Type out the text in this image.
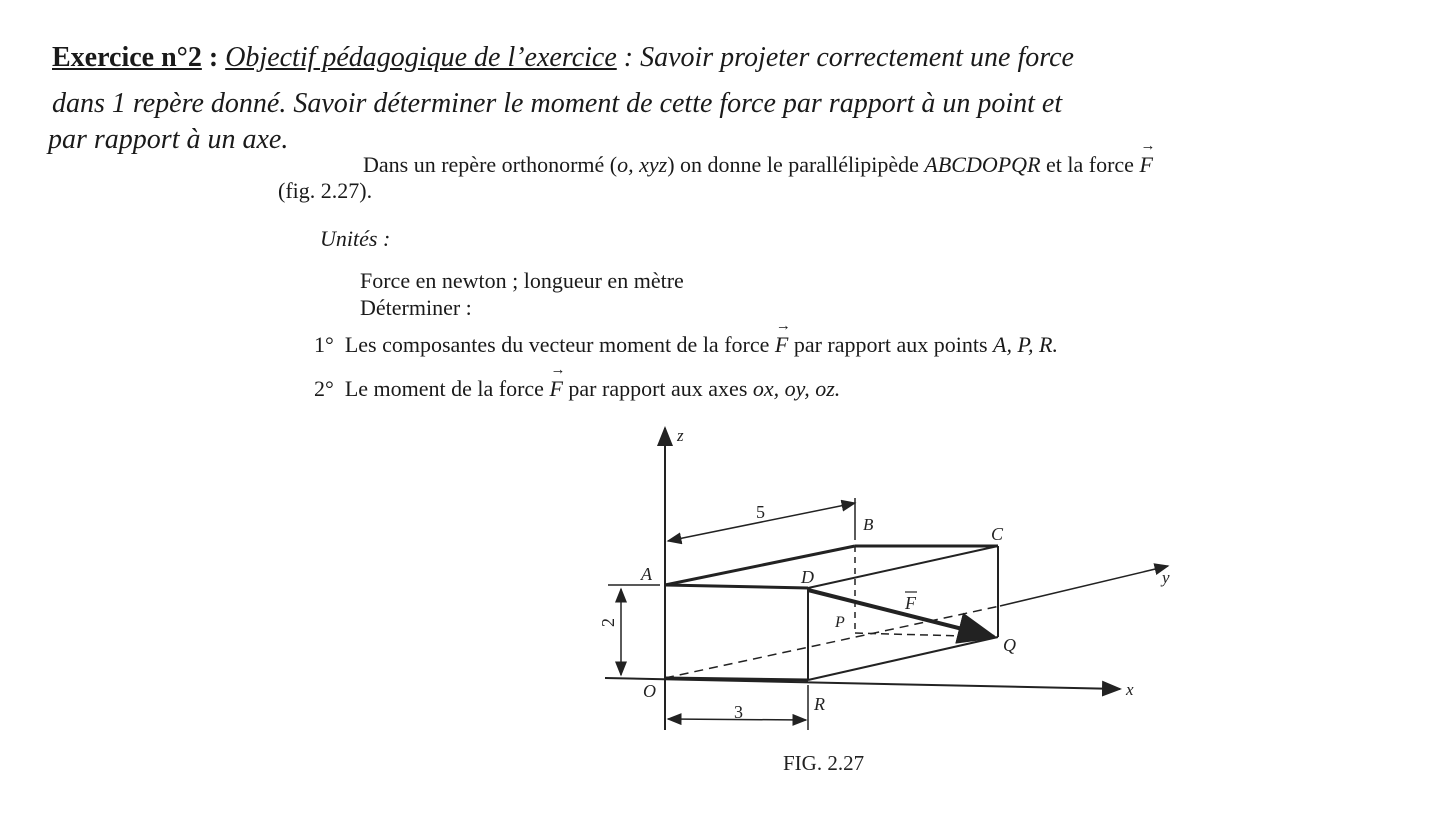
Exercice n°2 : Objectif pédagogique de l’exercice : Savoir projeter correctement une force
dans 1 repère donné. Savoir déterminer le moment de cette force par rapport à un point et
par rapport à un axe.
Dans un repère orthonormé (o, xyz) on donne le parallélipipède ABCDOPQR et la force → F
(fig. 2.27).
Unités :
Force en newton ; longueur en mètre
Déterminer :
1° Les composantes du vecteur moment de la force → F par rapport aux points A, P, R.
2° Le moment de la force → F par rapport aux axes ox, oy, oz.
z
y
x
A
B	C
D
O
P
Q
R
F
5
2
3
FIG. 2.27
